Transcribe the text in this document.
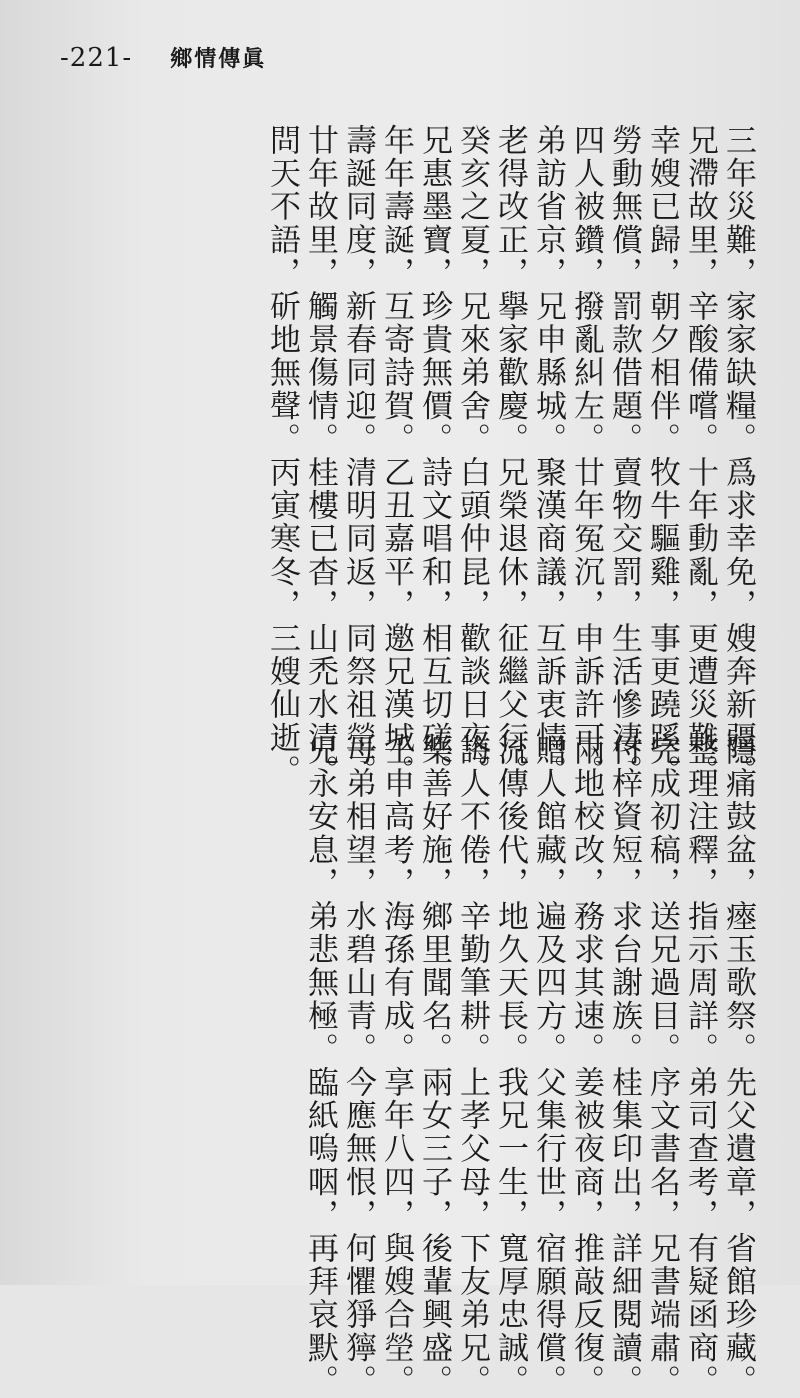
-221- 鄉情傳眞
三年災難，家家缺糧。爲求幸免，嫂奔新疆。
兄滯故里，辛酸備嚐。十年動亂，更遭災難。
幸嫂已歸，朝夕相伴。牧牛驅雞，事更蹺蹊。
勞動無償，罰款借題。賣物交罰，生活慘淒。
四人被鑽，撥亂糾左。廿年冤沉，申訴許可。
弟訪省京，兄申縣城。聚漢商議，互訴衷情。
老得改正，擧家歡慶。兄榮退休，征繼父行。
癸亥之夏，兄來弟舍。白頭仲昆，歡談日夜。
兄惠墨寶，珍貴無價。詩文唱和，相互切磋。
年年壽誕，互寄詩賀。乙丑嘉平，邀兄漢城。
壽誕同度，新春同迎。清明同返，同祭祖塋。
廿年故里，觸景傷情。桂樓已杳，山禿水清。
問天不語，斫地無聲。丙寅寒冬，三嫂仙逝。
隱痛鼓盆，瘞玉歌祭。先父遺章，省館珍藏。
整理注釋，指示周詳。弟司查考，有疑函商。
完成初稿，送兄過目。序文書名，兄書端肅。
付梓資短，求台謝族。桂集印出，詳細閱讀。
兩地校改，務求其速。姜被夜商，推敲反復。
贈人館藏，遍及四方。父集行世，宿願得償。
流傳後代，地久天長。我兄一生，寬厚忠誠。
誨人不倦，辛勤筆耕。上孝父母，下友弟兄。
樂善好施，鄉里聞名。兩女三子，後輩興盛。
壬申高考，海孫有成。享年八四，與嫂合塋。
母弟相望，水碧山青。今應無恨，何懼猙獰。
兄永安息，弟悲無極。臨紙嗚咽，再拜哀默。
